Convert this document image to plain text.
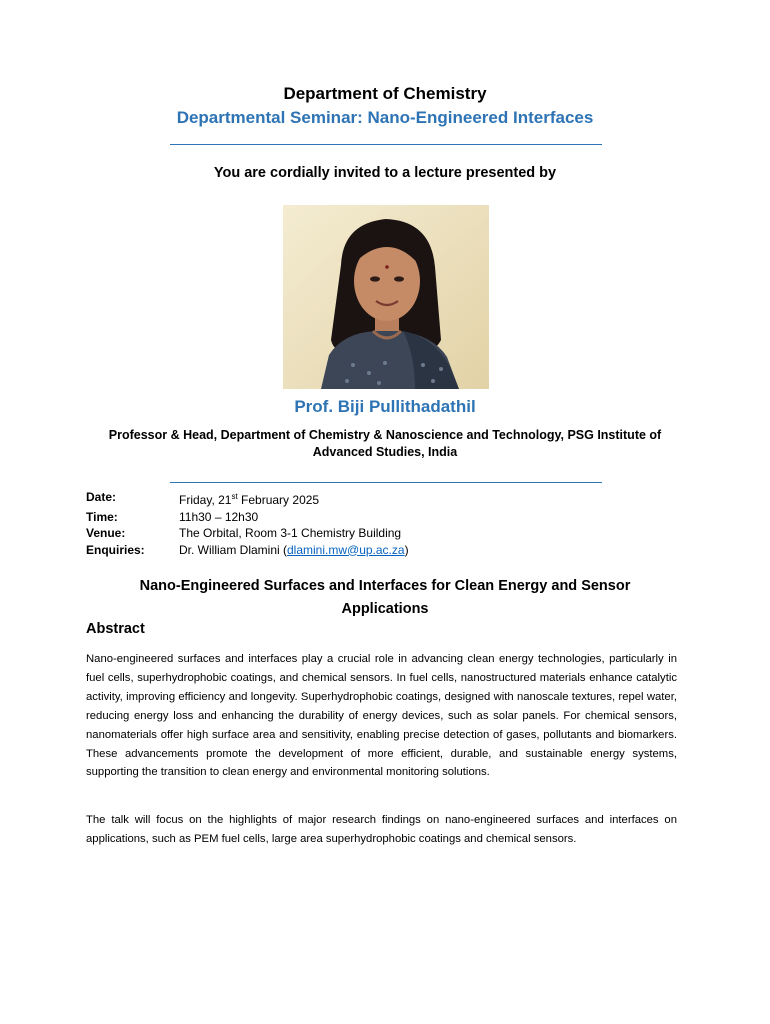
Department of Chemistry
Departmental Seminar: Nano-Engineered Interfaces
You are cordially invited to a lecture presented by
Prof. Biji Pullithadathil
Professor & Head, Department of Chemistry & Nanoscience and Technology, PSG Institute of Advanced Studies, India
Date:	Friday, 21st February 2025
Time:	11h30 – 12h30
Venue:	The Orbital, Room 3-1 Chemistry Building
Enquiries:	Dr. William Dlamini (dlamini.mw@up.ac.za)
Nano-Engineered Surfaces and Interfaces for Clean Energy and Sensor Applications
Abstract
Nano-engineered surfaces and interfaces play a crucial role in advancing clean energy technologies, particularly in fuel cells, superhydrophobic coatings, and chemical sensors. In fuel cells, nanostructured materials enhance catalytic activity, improving efficiency and longevity. Superhydrophobic coatings, designed with nanoscale textures, repel water, reducing energy loss and enhancing the durability of energy devices, such as solar panels. For chemical sensors, nanomaterials offer high surface area and sensitivity, enabling precise detection of gases, pollutants and biomarkers. These advancements promote the development of more efficient, durable, and sustainable energy systems, supporting the transition to clean energy and environmental monitoring solutions.
The talk will focus on the highlights of major research findings on nano-engineered surfaces and interfaces on applications, such as PEM fuel cells, large area superhydrophobic coatings and chemical sensors.
